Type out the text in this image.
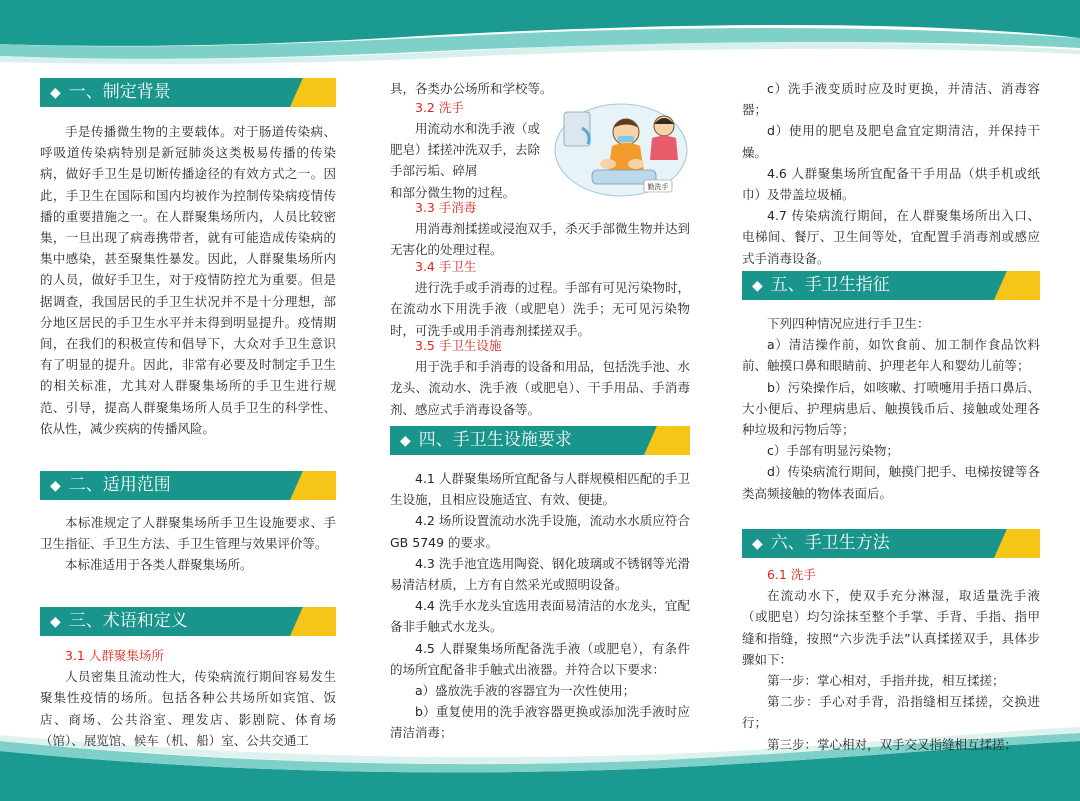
◆ 一、制定背景

手是传播微生物的主要载体。对于肠道传染病、呼吸道传染病特别是新冠肺炎这类极易传播的传染病，做好手卫生是切断传播途径的有效方式之一。因此，手卫生在国际和国内均被作为控制传染病疫情传播的重要措施之一。在人群聚集场所内，人员比较密集，一旦出现了病毒携带者，就有可能造成传染病的集中感染，甚至聚集性暴发。因此，人群聚集场所内的人员，做好手卫生，对于疫情防控尤为重要。但是据调查，我国居民的手卫生状况并不是十分理想，部分地区居民的手卫生水平并未得到明显提升。疫情期间，在我们的积极宣传和倡导下，大众对手卫生意识有了明显的提升。因此，非常有必要及时制定手卫生的相关标准，尤其对人群聚集场所的手卫生进行规范、引导，提高人群聚集场所人员手卫生的科学性、依从性，减少疾病的传播风险。

◆ 二、适用范围

本标准规定了人群聚集场所手卫生设施要求、手卫生指征、手卫生方法、手卫生管理与效果评价等。

本标准适用于各类人群聚集场所。

◆ 三、术语和定义

3.1 人群聚集场所

人员密集且流动性大，传染病流行期间容易发生聚集性疫情的场所。包括各种公共场所如宾馆、饭店、商场、公共浴室、理发店、影剧院、体育场（馆）、展览馆、候车（机、船）室、公共交通工

勤洗手

具，各类办公场所和学校等。

3.2 洗手

用流动水和洗手液（或肥皂）揉搓冲洗双手，去除手部污垢、碎屑
和部分微生物的过程。

3.3 手消毒

用消毒剂揉搓或浸泡双手，杀灭手部微生物并达到无害化的处理过程。

3.4 手卫生

进行洗手或手消毒的过程。手部有可见污染物时，在流动水下用洗手液（或肥皂）洗手；无可见污染物时，可洗手或用手消毒剂揉搓双手。

3.5 手卫生设施

用于洗手和手消毒的设备和用品，包括洗手池、水龙头、流动水、洗手液（或肥皂）、干手用品、手消毒剂、感应式手消毒设备等。

◆ 四、手卫生设施要求

4.1 人群聚集场所宜配备与人群规模相匹配的手卫生设施，且相应设施适宜、有效、便捷。

4.2 场所设置流动水洗手设施，流动水水质应符合 GB 5749 的要求。

4.3 洗手池宜选用陶瓷、钢化玻璃或不锈钢等光滑易清洁材质，上方有自然采光或照明设备。

4.4 洗手水龙头宜选用表面易清洁的水龙头，宜配备非手触式水龙头。

4.5 人群聚集场所配备洗手液（或肥皂），有条件的场所宜配备非手触式出液器。并符合以下要求：

a）盛放洗手液的容器宜为一次性使用；

b）重复使用的洗手液容器更换或添加洗手液时应清洁消毒；

c）洗手液变质时应及时更换，并清洁、消毒容器；

d）使用的肥皂及肥皂盒宜定期清洁，并保持干燥。

4.6 人群聚集场所宜配备干手用品（烘手机或纸巾）及带盖垃圾桶。

4.7 传染病流行期间，在人群聚集场所出入口、电梯间、餐厅、卫生间等处，宜配置手消毒剂或感应式手消毒设备。

◆ 五、手卫生指征

下列四种情况应进行手卫生：

a）清洁操作前，如饮食前、加工制作食品饮料前、触摸口鼻和眼睛前、护理老年人和婴幼儿前等；

b）污染操作后，如咳嗽、打喷嚏用手捂口鼻后、大小便后、护理病患后、触摸钱币后、接触或处理各种垃圾和污物后等；

c）手部有明显污染物；

d）传染病流行期间，触摸门把手、电梯按键等各类高频接触的物体表面后。

◆ 六、手卫生方法

6.1 洗手

在流动水下，使双手充分淋湿，取适量洗手液（或肥皂）均匀涂抹至整个手掌、手背、手指、指甲缝和指缝，按照“六步洗手法”认真揉搓双手，具体步骤如下：

第一步：掌心相对，手指并拢，相互揉搓；

第二步：手心对手背，沿指缝相互揉搓，交换进行；

第三步：掌心相对，双手交叉指缝相互揉搓；
